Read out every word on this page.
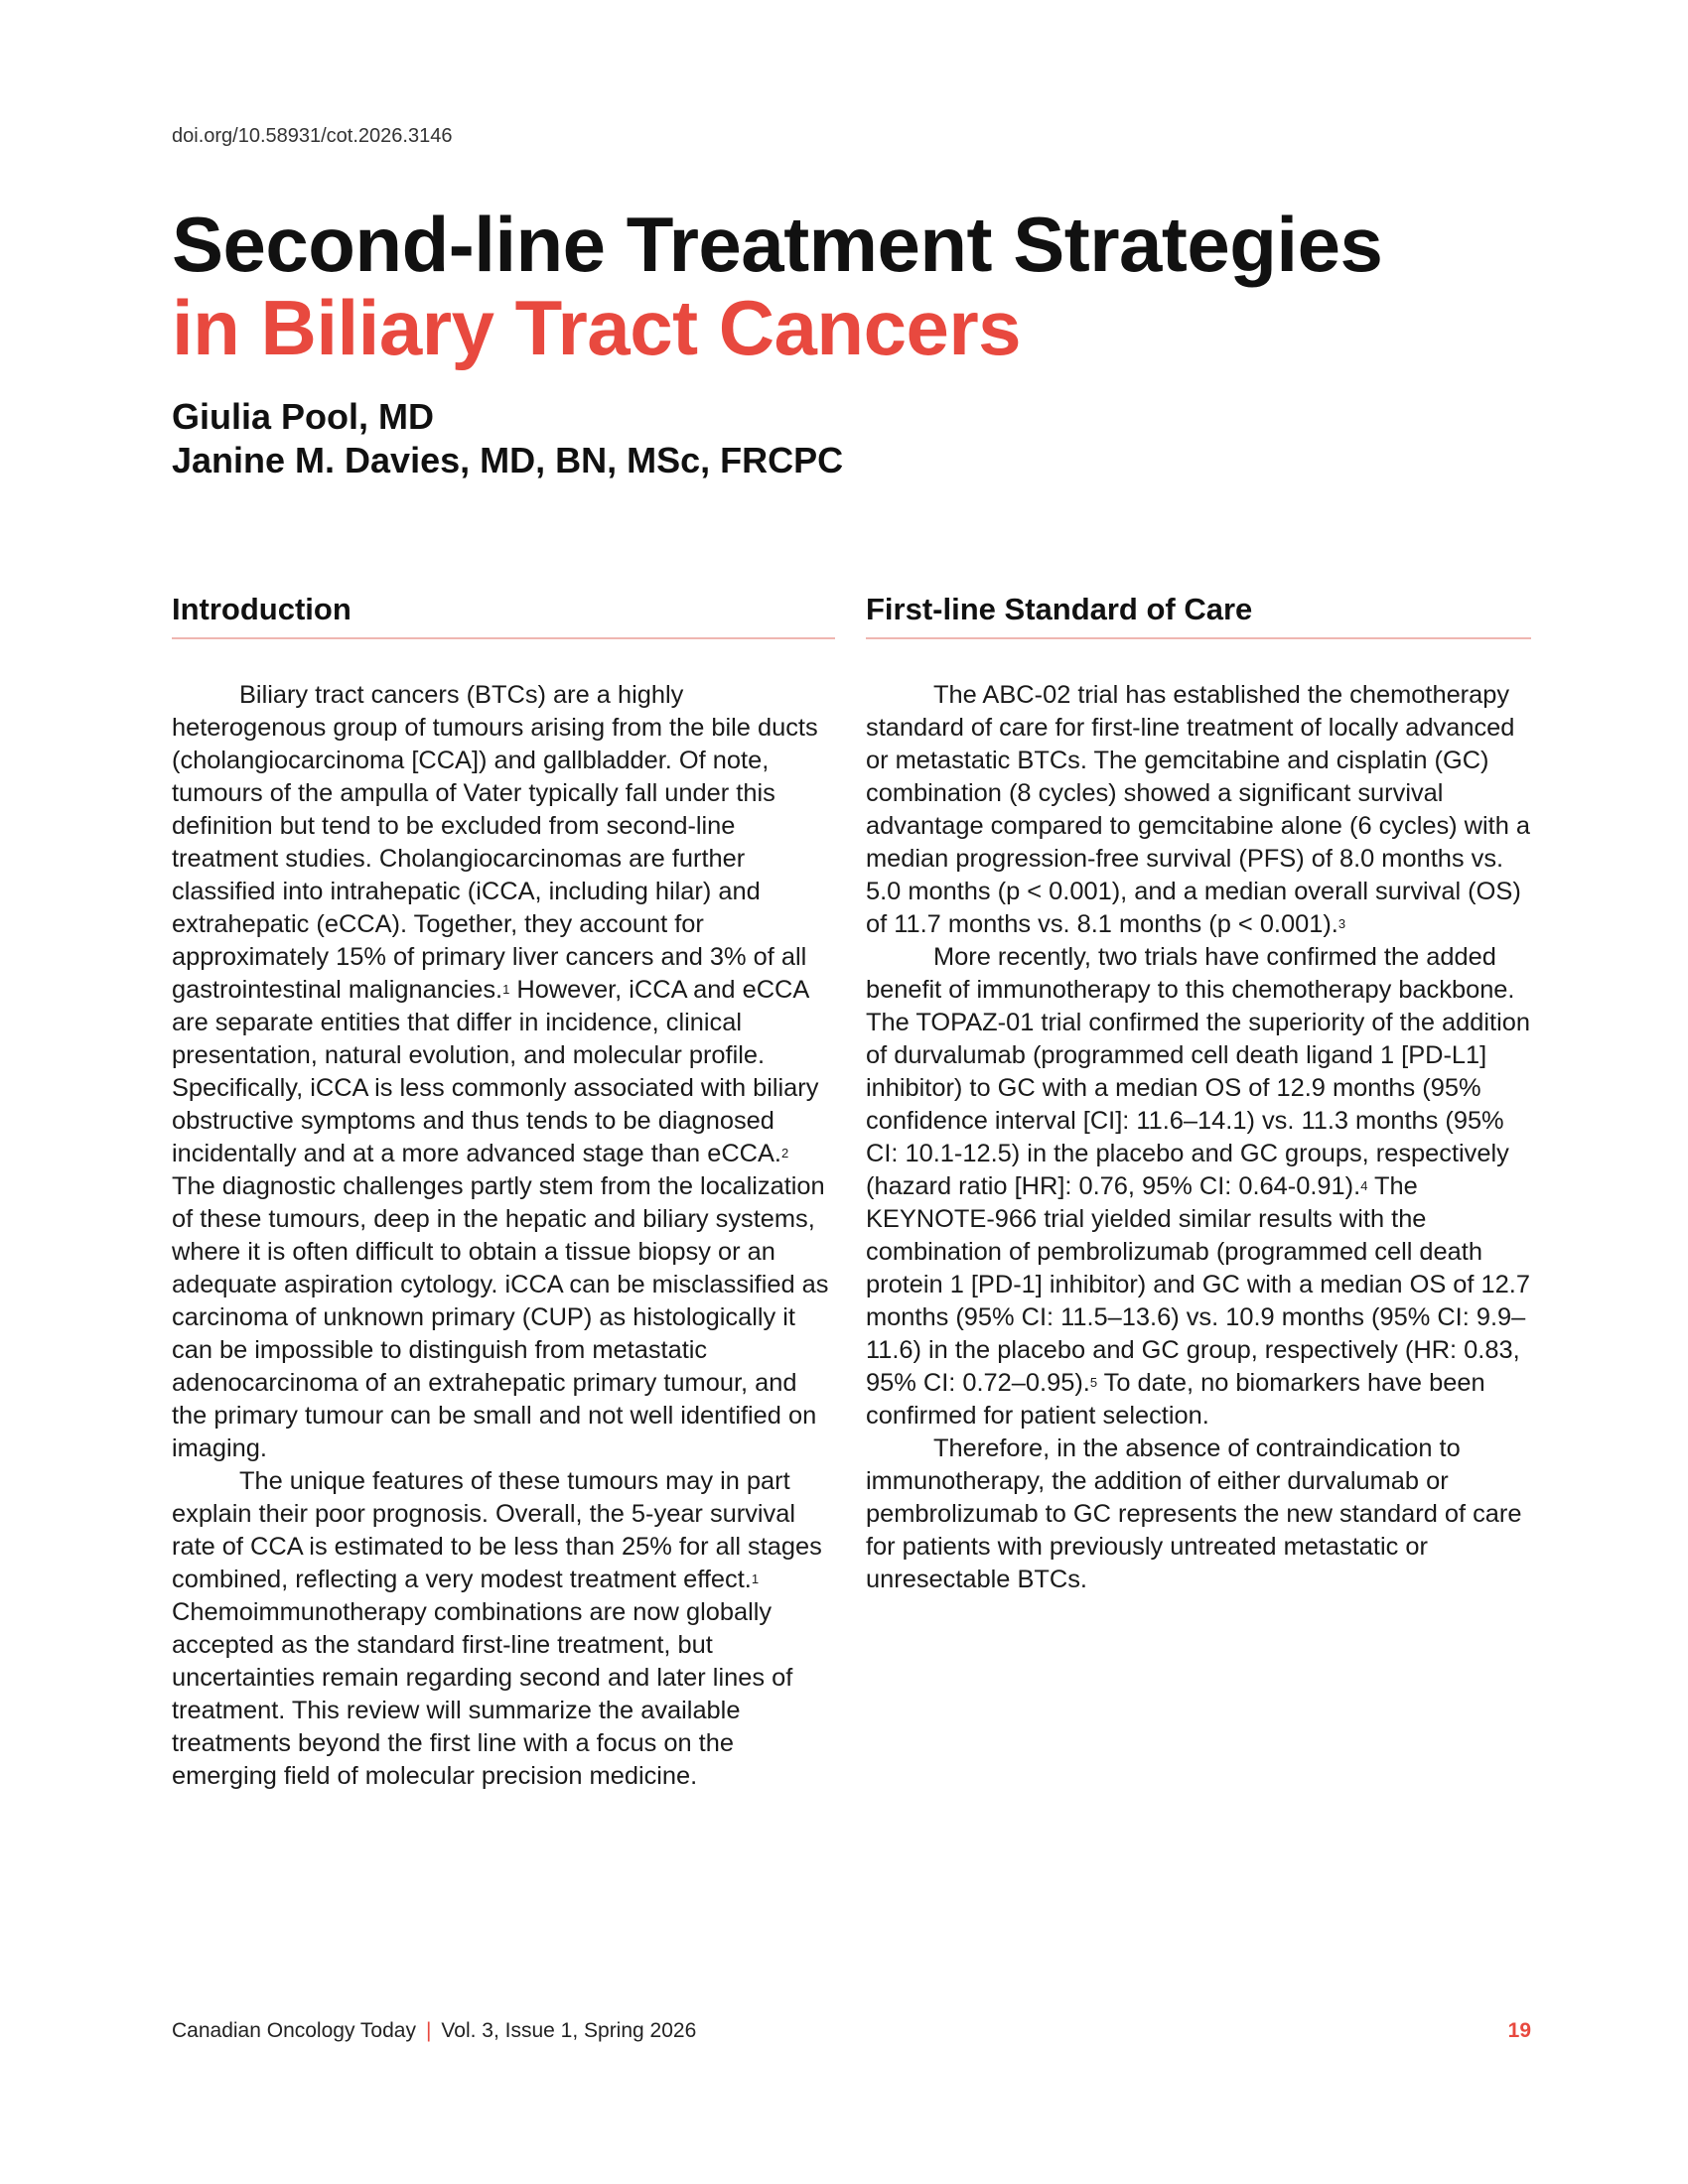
doi.org/10.58931/cot.2026.3146
Second-line Treatment Strategies
in Biliary Tract Cancers
Giulia Pool, MD
Janine M. Davies, MD, BN, MSc, FRCPC
Introduction

Biliary tract cancers (BTCs) are a highly heterogenous group of tumours arising from the bile ducts (cholangiocarcinoma [CCA]) and gallbladder. Of note, tumours of the ampulla of Vater typically fall under this definition but tend to be excluded from second-line treatment studies. Cholangiocarcinomas are further classified into intrahepatic (iCCA, including hilar) and extrahepatic (eCCA). Together, they account for approximately 15% of primary liver cancers and 3% of all gastrointestinal malignancies.$^1$ However, iCCA and eCCA are separate entities that differ in incidence, clinical presentation, natural evolution, and molecular profile. Specifically, iCCA is less commonly associated with biliary obstructive symptoms and thus tends to be diagnosed incidentally and at a more advanced stage than eCCA.$^2$ The diagnostic challenges partly stem from the localization of these tumours, deep in the hepatic and biliary systems, where it is often difficult to obtain a tissue biopsy or an adequate aspiration cytology. iCCA can be misclassified as carcinoma of unknown primary (CUP) as histologically it can be impossible to distinguish from metastatic adenocarcinoma of an extrahepatic primary tumour, and the primary tumour can be small and not well identified on imaging.

The unique features of these tumours may in part explain their poor prognosis. Overall, the 5-year survival rate of CCA is estimated to be less than 25% for all stages combined, reflecting a very modest treatment effect.$^1$ Chemoimmunotherapy combinations are now globally accepted as the standard first-line treatment, but uncertainties remain regarding second and later lines of treatment. This review will summarize the available treatments beyond the first line with a focus on the emerging field of molecular precision medicine.

First-line Standard of Care

The ABC-02 trial has established the chemotherapy standard of care for first-line treatment of locally advanced or metastatic BTCs. The gemcitabine and cisplatin (GC) combination (8 cycles) showed a significant survival advantage compared to gemcitabine alone (6 cycles) with a median progression-free survival (PFS) of 8.0 months vs. 5.0 months (p < 0.001), and a median overall survival (OS) of 11.7 months vs. 8.1 months (p < 0.001).$^3$

More recently, two trials have confirmed the added benefit of immunotherapy to this chemotherapy backbone. The TOPAZ-01 trial confirmed the superiority of the addition of durvalumab (programmed cell death ligand 1 [PD-L1] inhibitor) to GC with a median OS of 12.9 months (95% confidence interval [CI]: 11.6–14.1) vs. 11.3 months (95% CI: 10.1-12.5) in the placebo and GC groups, respectively (hazard ratio [HR]: 0.76, 95% CI: 0.64-0.91).$^4$ The KEYNOTE-966 trial yielded similar results with the combination of pembrolizumab (programmed cell death protein 1 [PD-1] inhibitor) and GC with a median OS of 12.7 months (95% CI: 11.5–13.6) vs. 10.9 months (95% CI: 9.9–11.6) in the placebo and GC group, respectively (HR: 0.83, 95% CI: 0.72–0.95).$^5$ To date, no biomarkers have been confirmed for patient selection.

Therefore, in the absence of contraindication to immunotherapy, the addition of either durvalumab or pembrolizumab to GC represents the new standard of care for patients with previously untreated metastatic or unresectable BTCs.

Canadian Oncology Today | Vol. 3, Issue 1, Spring 2026	19
